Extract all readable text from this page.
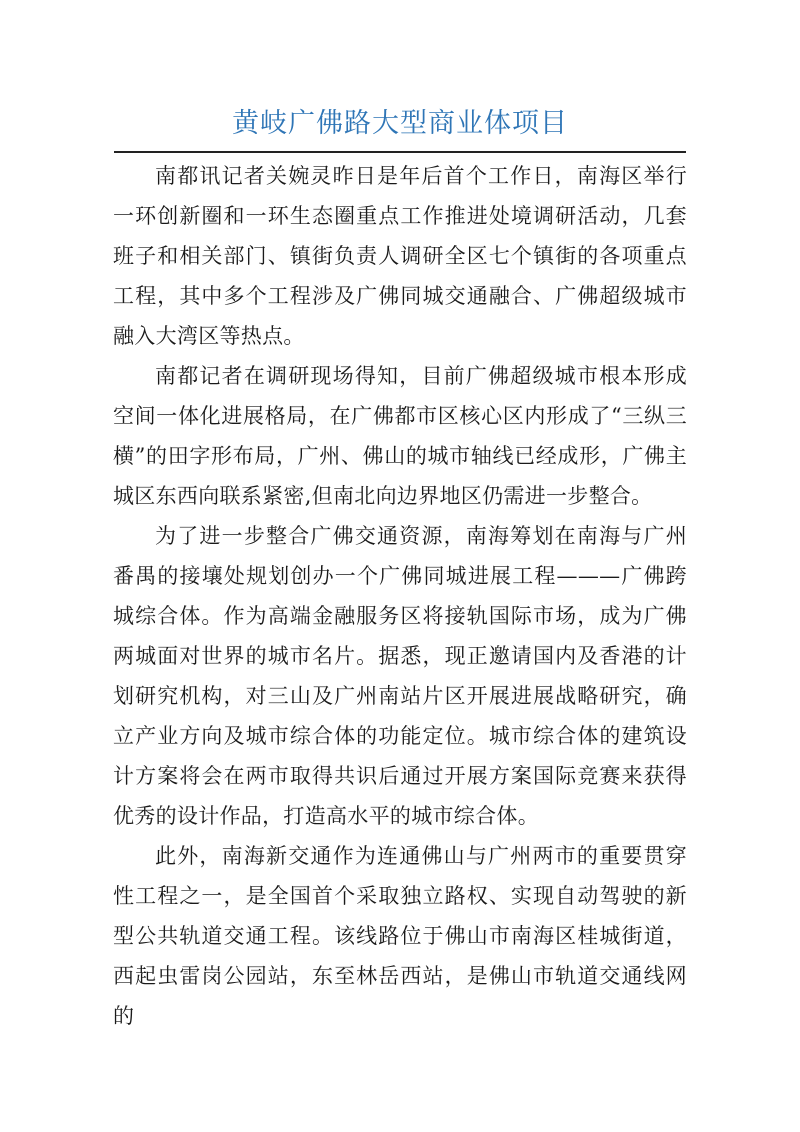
黄岐广佛路大型商业体项目

南都讯记者关婉灵昨日是年后首个工作日，南海区举行一环创新圈和一环生态圈重点工作推进处境调研活动，几套班子和相关部门、镇街负责人调研全区七个镇街的各项重点工程，其中多个工程涉及广佛同城交通融合、广佛超级城市融入大湾区等热点。

南都记者在调研现场得知，目前广佛超级城市根本形成空间一体化进展格局，在广佛都市区核心区内形成了“三纵三横”的田字形布局，广州、佛山的城市轴线已经成形，广佛主城区东西向联系紧密,但南北向边界地区仍需进一步整合。

为了进一步整合广佛交通资源，南海筹划在南海与广州番禺的接壤处规划创办一个广佛同城进展工程———广佛跨城综合体。作为高端金融服务区将接轨国际市场，成为广佛两城面对世界的城市名片。据悉，现正邀请国内及香港的计划研究机构，对三山及广州南站片区开展进展战略研究，确立产业方向及城市综合体的功能定位。城市综合体的建筑设计方案将会在两市取得共识后通过开展方案国际竞赛来获得优秀的设计作品，打造高水平的城市综合体。

此外，南海新交通作为连通佛山与广州两市的重要贯穿性工程之一，是全国首个采取独立路权、实现自动驾驶的新型公共轨道交通工程。该线路位于佛山市南海区桂城街道，西起虫雷岗公园站，东至林岳西站，是佛山市轨道交通线网的
